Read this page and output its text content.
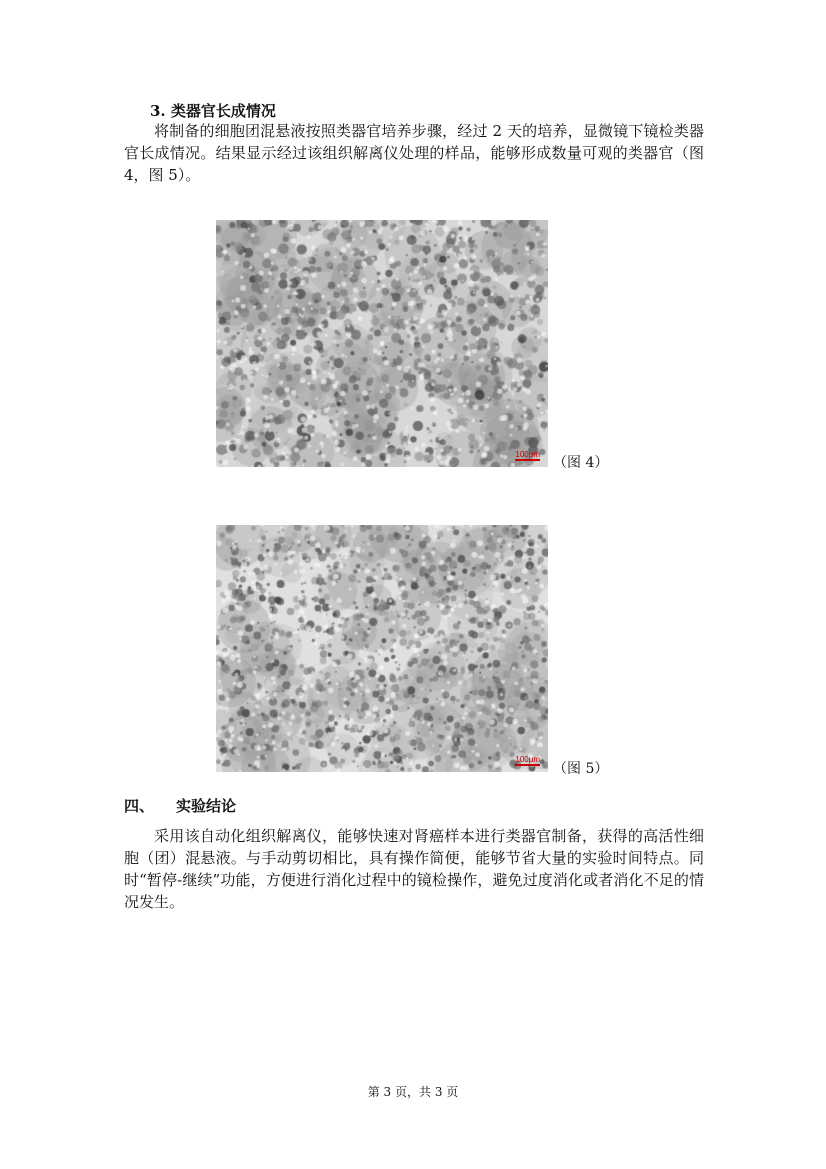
3. 类器官长成情况

将制备的细胞团混悬液按照类器官培养步骤，经过 2 天的培养，显微镜下镜检类器官长成情况。结果显示经过该组织解离仪处理的样品，能够形成数量可观的类器官（图 4，图 5）。

100μm
（图 4）
100μm
（图 5）
四、 实验结论

采用该自动化组织解离仪，能够快速对肾癌样本进行类器官制备，获得的高活性细胞（团）混悬液。与手动剪切相比，具有操作简便，能够节省大量的实验时间特点。同时“暂停-继续”功能，方便进行消化过程中的镜检操作，避免过度消化或者消化不足的情况发生。

第 3 页，共 3 页
